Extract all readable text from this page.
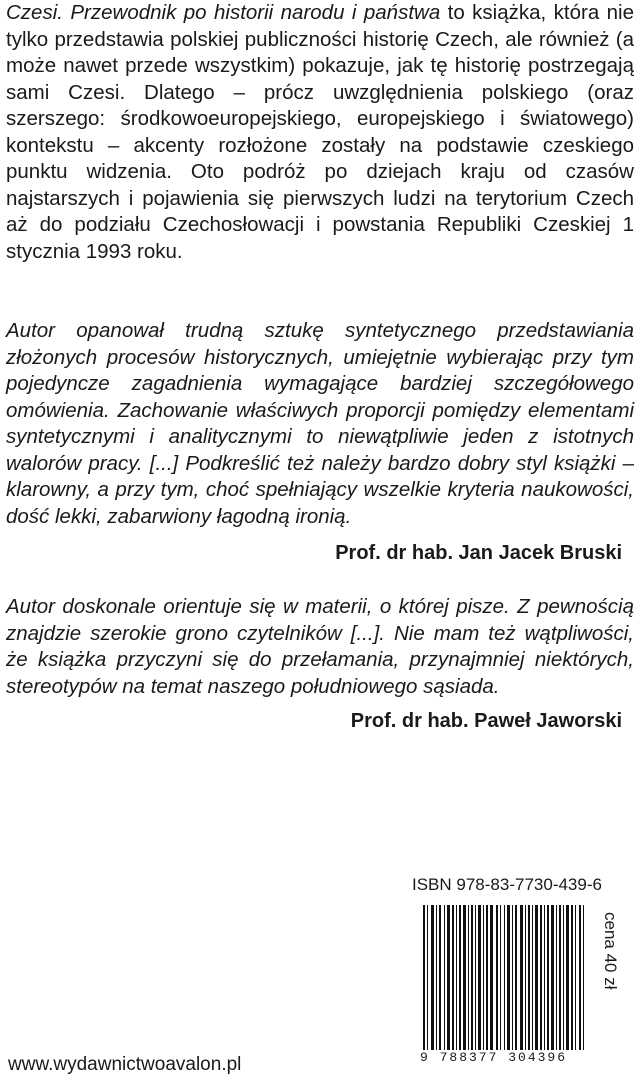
Czesi. Przewodnik po historii narodu i państwa to książka, która nie tylko przedstawia polskiej publiczności historię Czech, ale również (a może nawet przede wszystkim) pokazuje, jak tę historię postrzegają sami Czesi. Dlatego – prócz uwzględnienia polskiego (oraz szerszego: środkowoeuropejskiego, europejskiego i światowego) kontekstu – akcenty rozłożone zostały na podstawie czeskiego punktu widzenia. Oto podróż po dziejach kraju od czasów najstarszych i pojawienia się pierwszych ludzi na terytorium Czech aż do podziału Czechosłowacji i powstania Republiki Czeskiej 1 stycznia 1993 roku.

Autor opanował trudną sztukę syntetycznego przedstawiania złożonych procesów historycznych, umiejętnie wybierając przy tym pojedyncze zagadnienia wymagające bardziej szczegółowego omówienia. Zachowanie właściwych proporcji pomiędzy elementami syntetycznymi i analitycznymi to niewątpliwie jeden z istotnych walorów pracy. [...] Podkreślić też należy bardzo dobry styl książki – klarowny, a przy tym, choć spełniający wszelkie kryteria naukowości, dość lekki, zabarwiony łagodną ironią.

Prof. dr hab. Jan Jacek Bruski

Autor doskonale orientuje się w materii, o której pisze. Z pewnością znajdzie szerokie grono czytelników [...]. Nie mam też wątpliwości, że książka przyczyni się do przełamania, przynajmniej niektórych, stereotypów na temat naszego południowego sąsiada.

Prof. dr hab. Paweł Jaworski

ISBN 978-83-7730-439-6

9 788377 304396

cena 40 zł

www.wydawnictwoavalon.pl
